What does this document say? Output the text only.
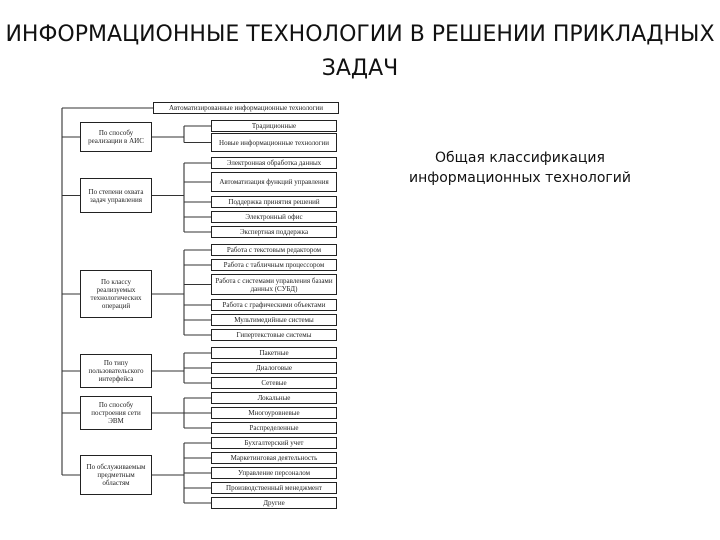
ИНФОРМАЦИОННЫЕ ТЕХНОЛОГИИ В РЕШЕНИИ ПРИКЛАДНЫХ ЗАДАЧ
Общая классификация информационных технологий
Автоматизированные информационные технологии
По способу реализации в АИС
Традиционные
Новые информационные технологии
По степени охвата задач управления
Электронная обработка данных
Автоматизация функций управления
Поддержка принятия решений
Электронный офис
Экспертная поддержка
По классу реализуемых технологических операций
Работа с текстовым редактором
Работа с табличным процессором
Работа с системами управления базами данных (СУБД)
Работа с графическими объектами
Мультимедийные системы
Гипертекстовые системы
По типу пользовательского интерфейса
Пакетные
Диалоговые
Сетевые
По способу построения сети ЭВМ
Локальные
Многоуровневые
Распределенные
По обслуживаемым предметным областям
Бухгалтерский учет
Маркетинговая деятельность
Управление персоналом
Производственный менеджмент
Другие
